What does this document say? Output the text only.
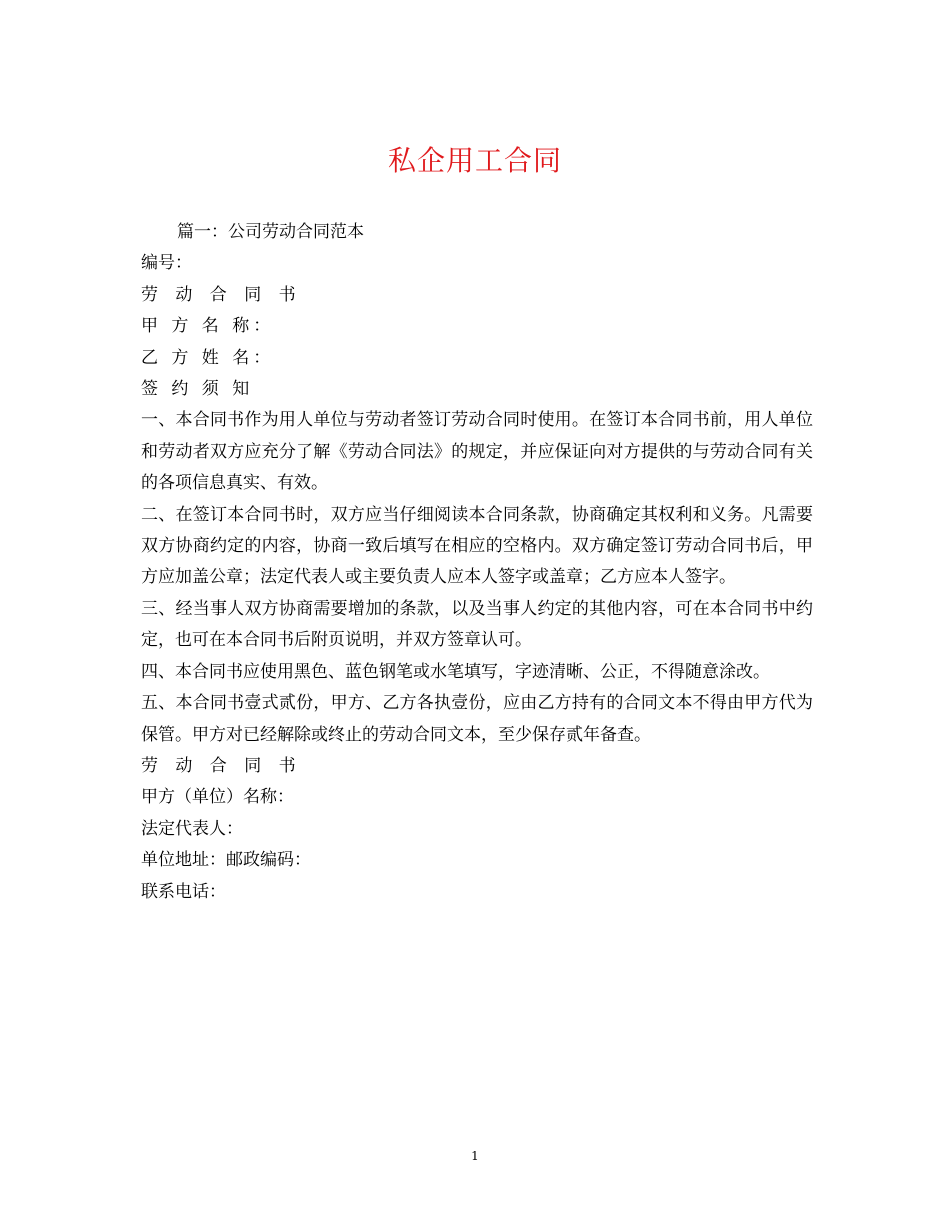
私企用工合同

篇一：公司劳动合同范本

编号：

劳 动 合 同 书

甲 方 名 称：

乙 方 姓 名：

签 约 须 知

一、本合同书作为用人单位与劳动者签订劳动合同时使用。在签订本合同书前，用人单位和劳动者双方应充分了解《劳动合同法》的规定，并应保证向对方提供的与劳动合同有关的各项信息真实、有效。

二、在签订本合同书时，双方应当仔细阅读本合同条款，协商确定其权利和义务。凡需要双方协商约定的内容，协商一致后填写在相应的空格内。双方确定签订劳动合同书后，甲方应加盖公章；法定代表人或主要负责人应本人签字或盖章；乙方应本人签字。

三、经当事人双方协商需要增加的条款，以及当事人约定的其他内容，可在本合同书中约定，也可在本合同书后附页说明，并双方签章认可。

四、本合同书应使用黑色、蓝色钢笔或水笔填写，字迹清晰、公正，不得随意涂改。

五、本合同书壹式贰份，甲方、乙方各执壹份，应由乙方持有的合同文本不得由甲方代为保管。甲方对已经解除或终止的劳动合同文本，至少保存贰年备查。

劳 动 合 同 书

甲方（单位）名称：

法定代表人：

单位地址：邮政编码：

联系电话：

1
